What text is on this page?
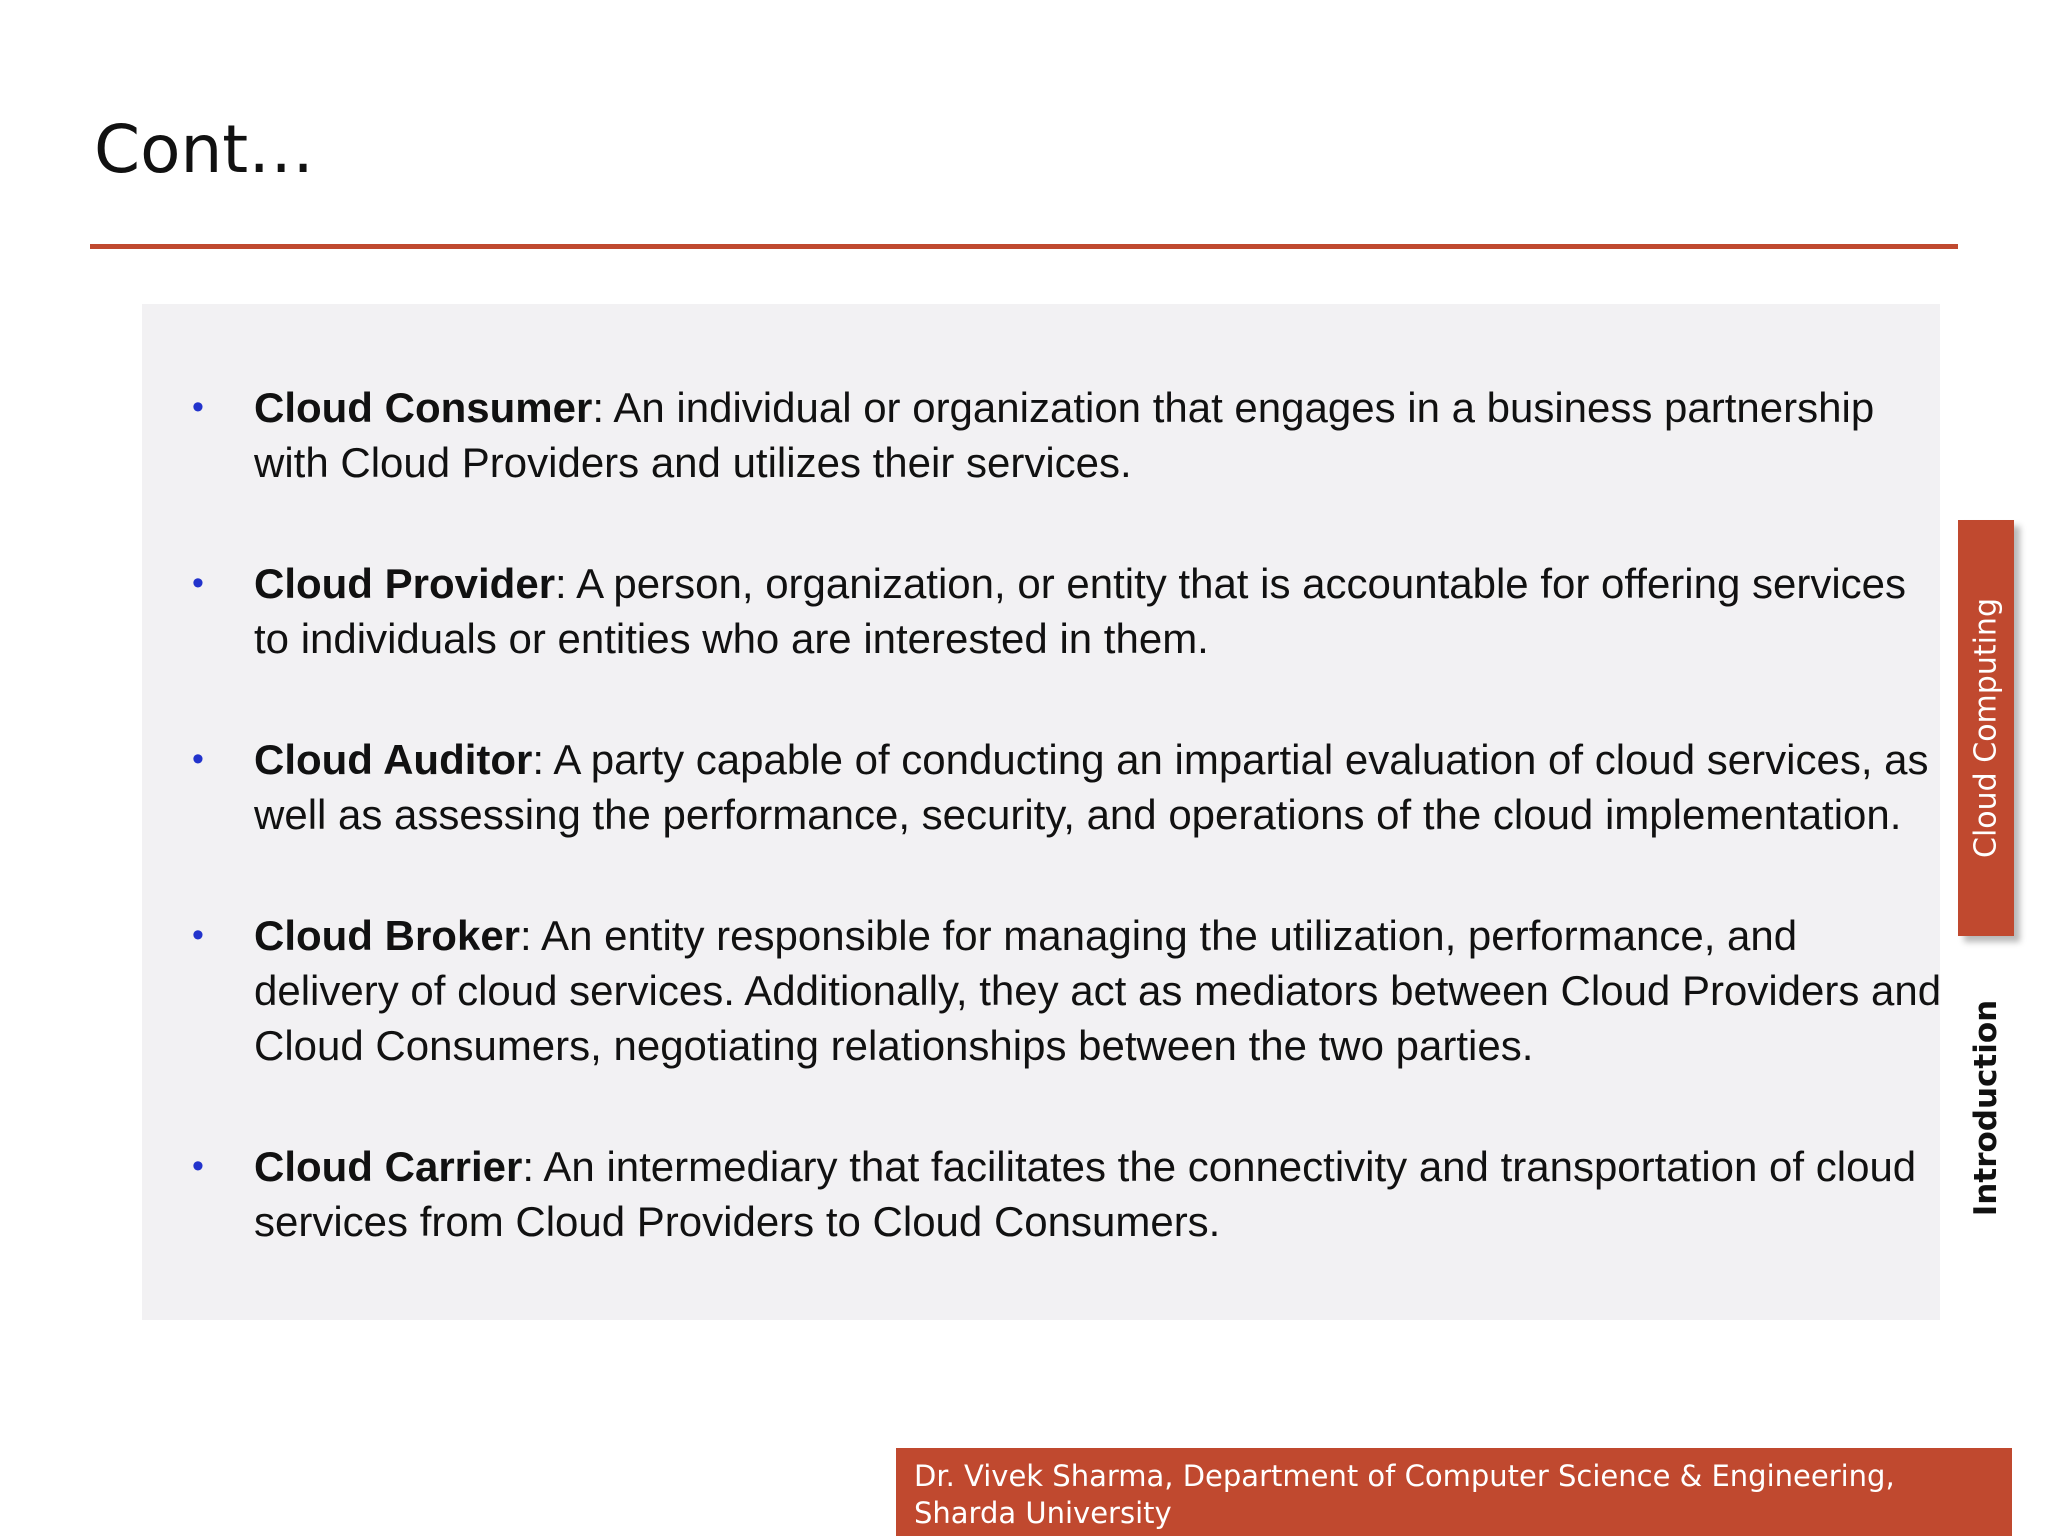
Cont…
• Cloud Consumer: An individual or organization that engages in a business partnership with Cloud Providers and utilizes their services.
• Cloud Provider: A person, organization, or entity that is accountable for offering services to individuals or entities who are interested in them.
• Cloud Auditor: A party capable of conducting an impartial evaluation of cloud services, as well as assessing the performance, security, and operations of the cloud implementation.
• Cloud Broker: An entity responsible for managing the utilization, performance, and delivery of cloud services. Additionally, they act as mediators between Cloud Providers and Cloud Consumers, negotiating relationships between the two parties.
• Cloud Carrier: An intermediary that facilitates the connectivity and transportation of cloud services from Cloud Providers to Cloud Consumers.
Cloud Computing
Introduction
Dr. Vivek Sharma, Department of Computer Science & Engineering, Sharda University
